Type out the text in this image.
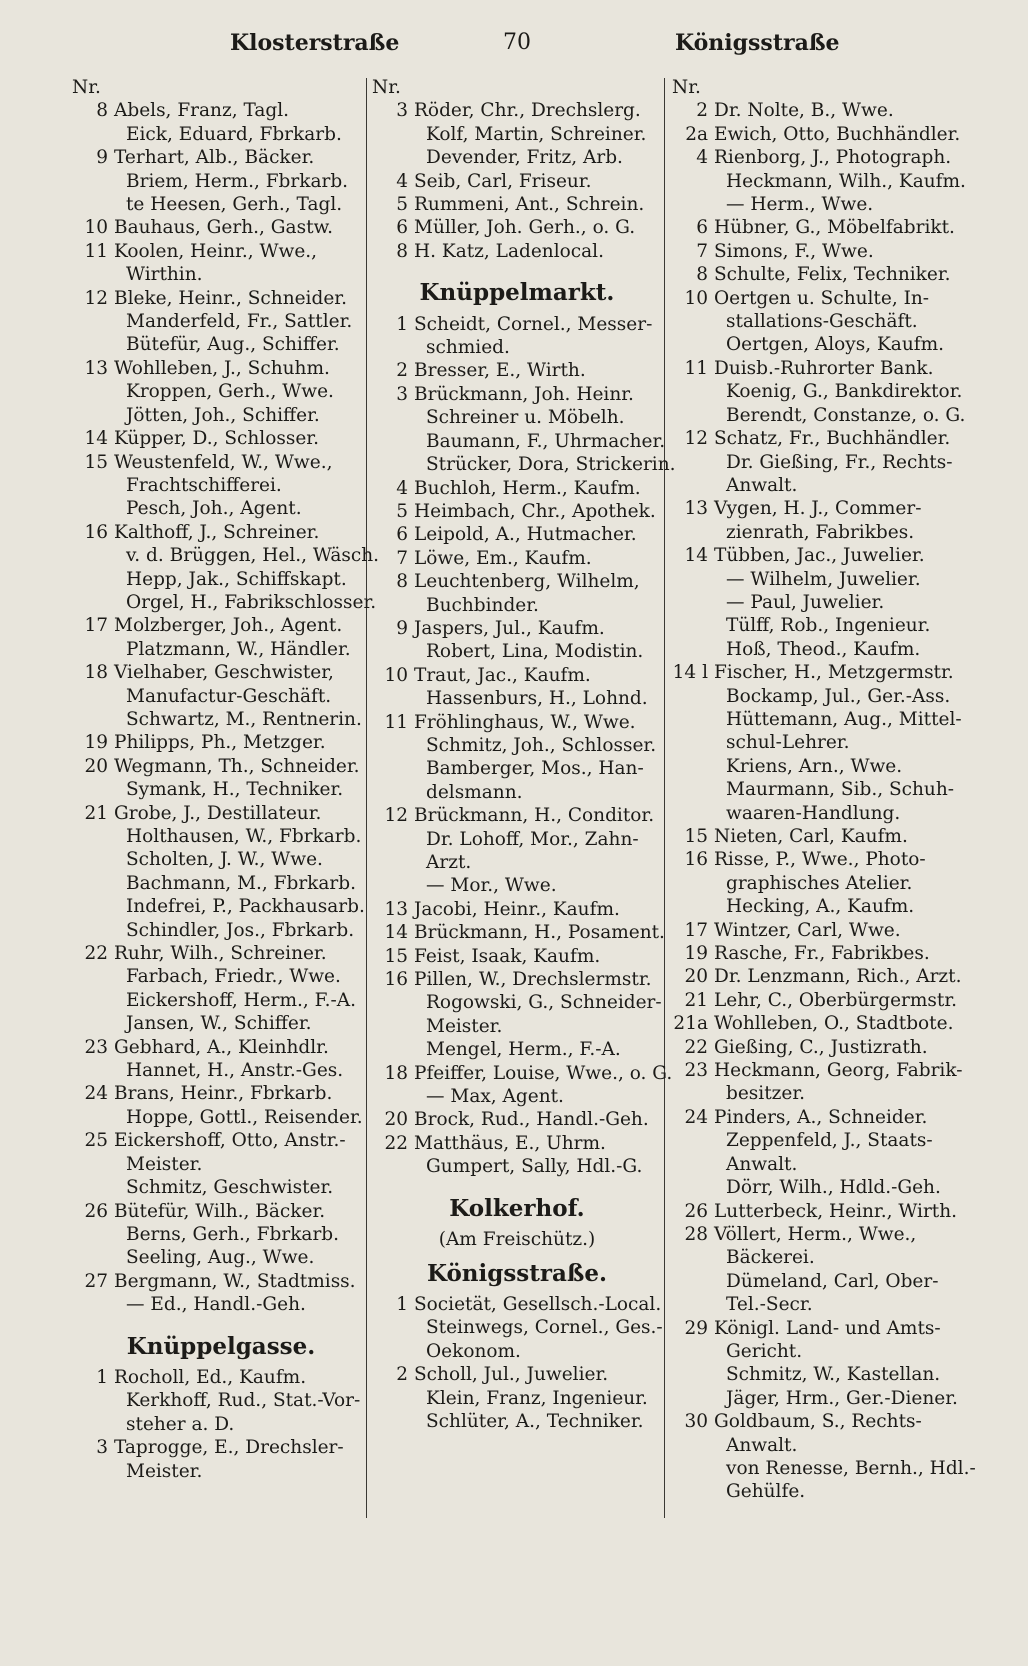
Klosterstraße	70	Königsstraße
Nr.
8 Abels, Franz, Tagl.
Eick, Eduard, Fbrkarb.
9 Terhart, Alb., Bäcker.
Briem, Herm., Fbrkarb.
te Heesen, Gerh., Tagl.
10 Bauhaus, Gerh., Gastw.
11 Koolen, Heinr., Wwe.,
Wirthin.
12 Bleke, Heinr., Schneider.
Manderfeld, Fr., Sattler.
Bütefür, Aug., Schiffer.
13 Wohlleben, J., Schuhm.
Kroppen, Gerh., Wwe.
Jötten, Joh., Schiffer.
14 Küpper, D., Schlosser.
15 Weustenfeld, W., Wwe.,
Frachtschifferei.
Pesch, Joh., Agent.
16 Kalthoff, J., Schreiner.
v. d. Brüggen, Hel., Wäsch.
Hepp, Jak., Schiffskapt.
Orgel, H., Fabrikschlosser.
17 Molzberger, Joh., Agent.
Platzmann, W., Händler.
18 Vielhaber, Geschwister,
Manufactur-Geschäft.
Schwartz, M., Rentnerin.
19 Philipps, Ph., Metzger.
20 Wegmann, Th., Schneider.
Symank, H., Techniker.
21 Grobe, J., Destillateur.
Holthausen, W., Fbrkarb.
Scholten, J. W., Wwe.
Bachmann, M., Fbrkarb.
Indefrei, P., Packhausarb.
Schindler, Jos., Fbrkarb.
22 Ruhr, Wilh., Schreiner.
Farbach, Friedr., Wwe.
Eickershoff, Herm., F.-A.
Jansen, W., Schiffer.
23 Gebhard, A., Kleinhdlr.
Hannet, H., Anstr.-Ges.
24 Brans, Heinr., Fbrkarb.
Hoppe, Gottl., Reisender.
25 Eickershoff, Otto, Anstr.-
Meister.
Schmitz, Geschwister.
26 Bütefür, Wilh., Bäcker.
Berns, Gerh., Fbrkarb.
Seeling, Aug., Wwe.
27 Bergmann, W., Stadtmiss.
— Ed., Handl.-Geh.
Knüppelgasse.
1 Rocholl, Ed., Kaufm.
Kerkhoff, Rud., Stat.-Vor-
steher a. D.
3 Taprogge, E., Drechsler-
Meister.
Nr.
3 Röder, Chr., Drechslerg.
Kolf, Martin, Schreiner.
Devender, Fritz, Arb.
4 Seib, Carl, Friseur.
5 Rummeni, Ant., Schrein.
6 Müller, Joh. Gerh., o. G.
8 H. Katz, Ladenlocal.
Knüppelmarkt.
1 Scheidt, Cornel., Messer-
schmied.
2 Bresser, E., Wirth.
3 Brückmann, Joh. Heinr.
Schreiner u. Möbelh.
Baumann, F., Uhrmacher.
Strücker, Dora, Strickerin.
4 Buchloh, Herm., Kaufm.
5 Heimbach, Chr., Apothek.
6 Leipold, A., Hutmacher.
7 Löwe, Em., Kaufm.
8 Leuchtenberg, Wilhelm,
Buchbinder.
9 Jaspers, Jul., Kaufm.
Robert, Lina, Modistin.
10 Traut, Jac., Kaufm.
Hassenburs, H., Lohnd.
11 Fröhlinghaus, W., Wwe.
Schmitz, Joh., Schlosser.
Bamberger, Mos., Han-
delsmann.
12 Brückmann, H., Conditor.
Dr. Lohoff, Mor., Zahn-
Arzt.
— Mor., Wwe.
13 Jacobi, Heinr., Kaufm.
14 Brückmann, H., Posament.
15 Feist, Isaak, Kaufm.
16 Pillen, W., Drechslermstr.
Rogowski, G., Schneider-
Meister.
Mengel, Herm., F.-A.
18 Pfeiffer, Louise, Wwe., o. G.
— Max, Agent.
20 Brock, Rud., Handl.-Geh.
22 Matthäus, E., Uhrm.
Gumpert, Sally, Hdl.-G.
Kolkerhof.
(Am Freischütz.)
Königsstraße.
1 Societät, Gesellsch.-Local.
Steinwegs, Cornel., Ges.-
Oekonom.
2 Scholl, Jul., Juwelier.
Klein, Franz, Ingenieur.
Schlüter, A., Techniker.
Nr.
2 Dr. Nolte, B., Wwe.
2a Ewich, Otto, Buchhändler.
4 Rienborg, J., Photograph.
Heckmann, Wilh., Kaufm.
— Herm., Wwe.
6 Hübner, G., Möbelfabrikt.
7 Simons, F., Wwe.
8 Schulte, Felix, Techniker.
10 Oertgen u. Schulte, In-
stallations-Geschäft.
Oertgen, Aloys, Kaufm.
11 Duisb.-Ruhrorter Bank.
Koenig, G., Bankdirektor.
Berendt, Constanze, o. G.
12 Schatz, Fr., Buchhändler.
Dr. Gießing, Fr., Rechts-
Anwalt.
13 Vygen, H. J., Commer-
zienrath, Fabrikbes.
14 Tübben, Jac., Juwelier.
— Wilhelm, Juwelier.
— Paul, Juwelier.
Tülff, Rob., Ingenieur.
Hoß, Theod., Kaufm.
14 l Fischer, H., Metzgermstr.
Bockamp, Jul., Ger.-Ass.
Hüttemann, Aug., Mittel-
schul-Lehrer.
Kriens, Arn., Wwe.
Maurmann, Sib., Schuh-
waaren-Handlung.
15 Nieten, Carl, Kaufm.
16 Risse, P., Wwe., Photo-
graphisches Atelier.
Hecking, A., Kaufm.
17 Wintzer, Carl, Wwe.
19 Rasche, Fr., Fabrikbes.
20 Dr. Lenzmann, Rich., Arzt.
21 Lehr, C., Oberbürgermstr.
21a Wohlleben, O., Stadtbote.
22 Gießing, C., Justizrath.
23 Heckmann, Georg, Fabrik-
besitzer.
24 Pinders, A., Schneider.
Zeppenfeld, J., Staats-
Anwalt.
Dörr, Wilh., Hdld.-Geh.
26 Lutterbeck, Heinr., Wirth.
28 Völlert, Herm., Wwe.,
Bäckerei.
Dümeland, Carl, Ober-
Tel.-Secr.
29 Königl. Land- und Amts-
Gericht.
Schmitz, W., Kastellan.
Jäger, Hrm., Ger.-Diener.
30 Goldbaum, S., Rechts-
Anwalt.
von Renesse, Bernh., Hdl.-
Gehülfe.
